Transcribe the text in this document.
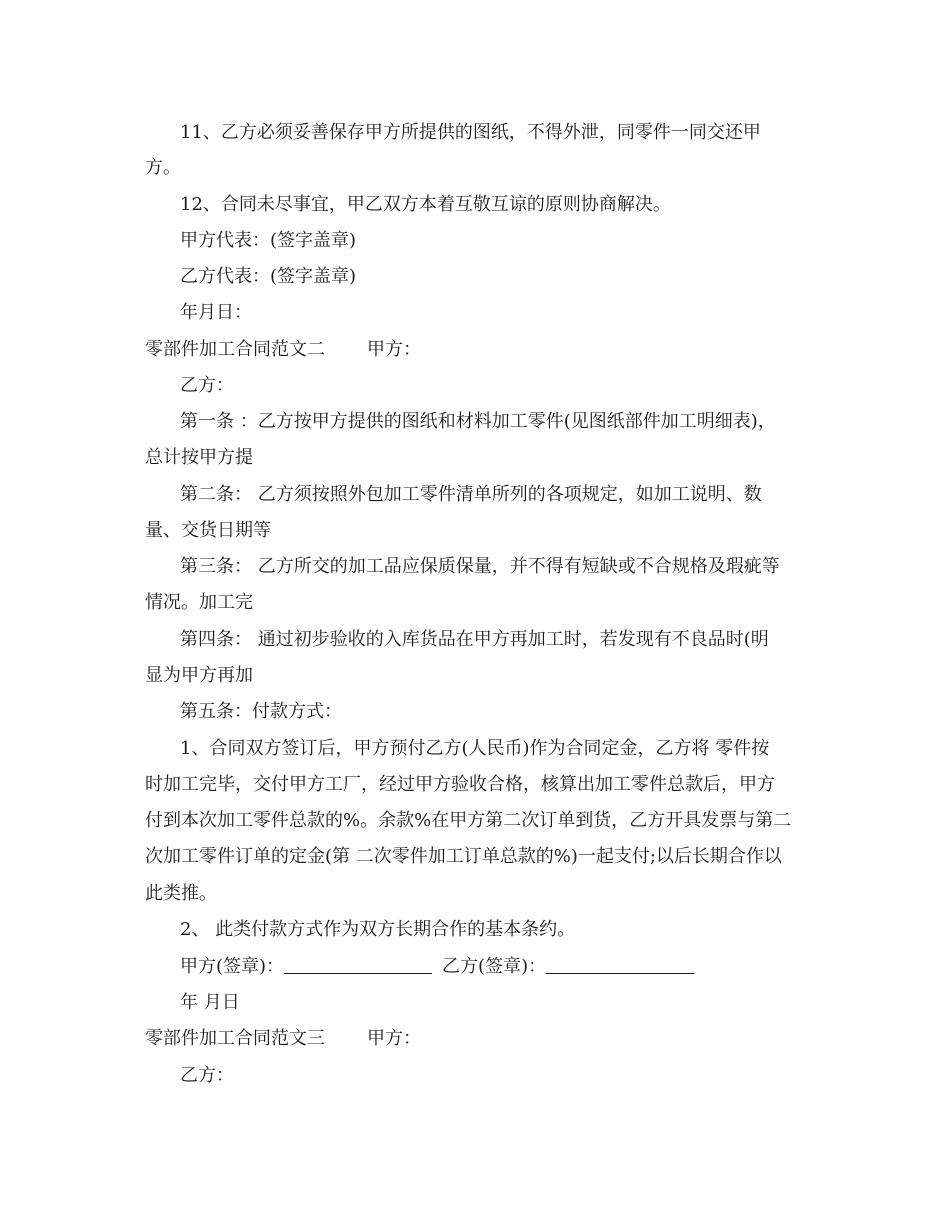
11、乙方必须妥善保存甲方所提供的图纸，不得外泄，同零件一同交还甲
方。
12、合同未尽事宜，甲乙双方本着互敬互谅的原则协商解决。
甲方代表：(签字盖章)
乙方代表：(签字盖章)
年月日：
零部件加工合同范文二 甲方：
乙方：
第一条 ：乙方按甲方提供的图纸和材料加工零件(见图纸部件加工明细表)，
总计按甲方提
第二条： 乙方须按照外包加工零件清单所列的各项规定，如加工说明、数
量、交货日期等
第三条： 乙方所交的加工品应保质保量，并不得有短缺或不合规格及瑕疵等
情况。加工完
第四条： 通过初步验收的入库货品在甲方再加工时，若发现有不良品时(明
显为甲方再加
第五条：付款方式：
1、合同双方签订后，甲方预付乙方(人民币)作为合同定金，乙方将 零件按
时加工完毕，交付甲方工厂，经过甲方验收合格，核算出加工零件总款后，甲方
付到本次加工零件总款的%。余款%在甲方第二次订单到货，乙方开具发票与第二
次加工零件订单的定金(第 二次零件加工订单总款的%)一起支付;以后长期合作以
此类推。
2、 此类付款方式作为双方长期合作的基本条约。
甲方(签章)：	乙方(签章)：
年 月日
零部件加工合同范文三 甲方：
乙方：
